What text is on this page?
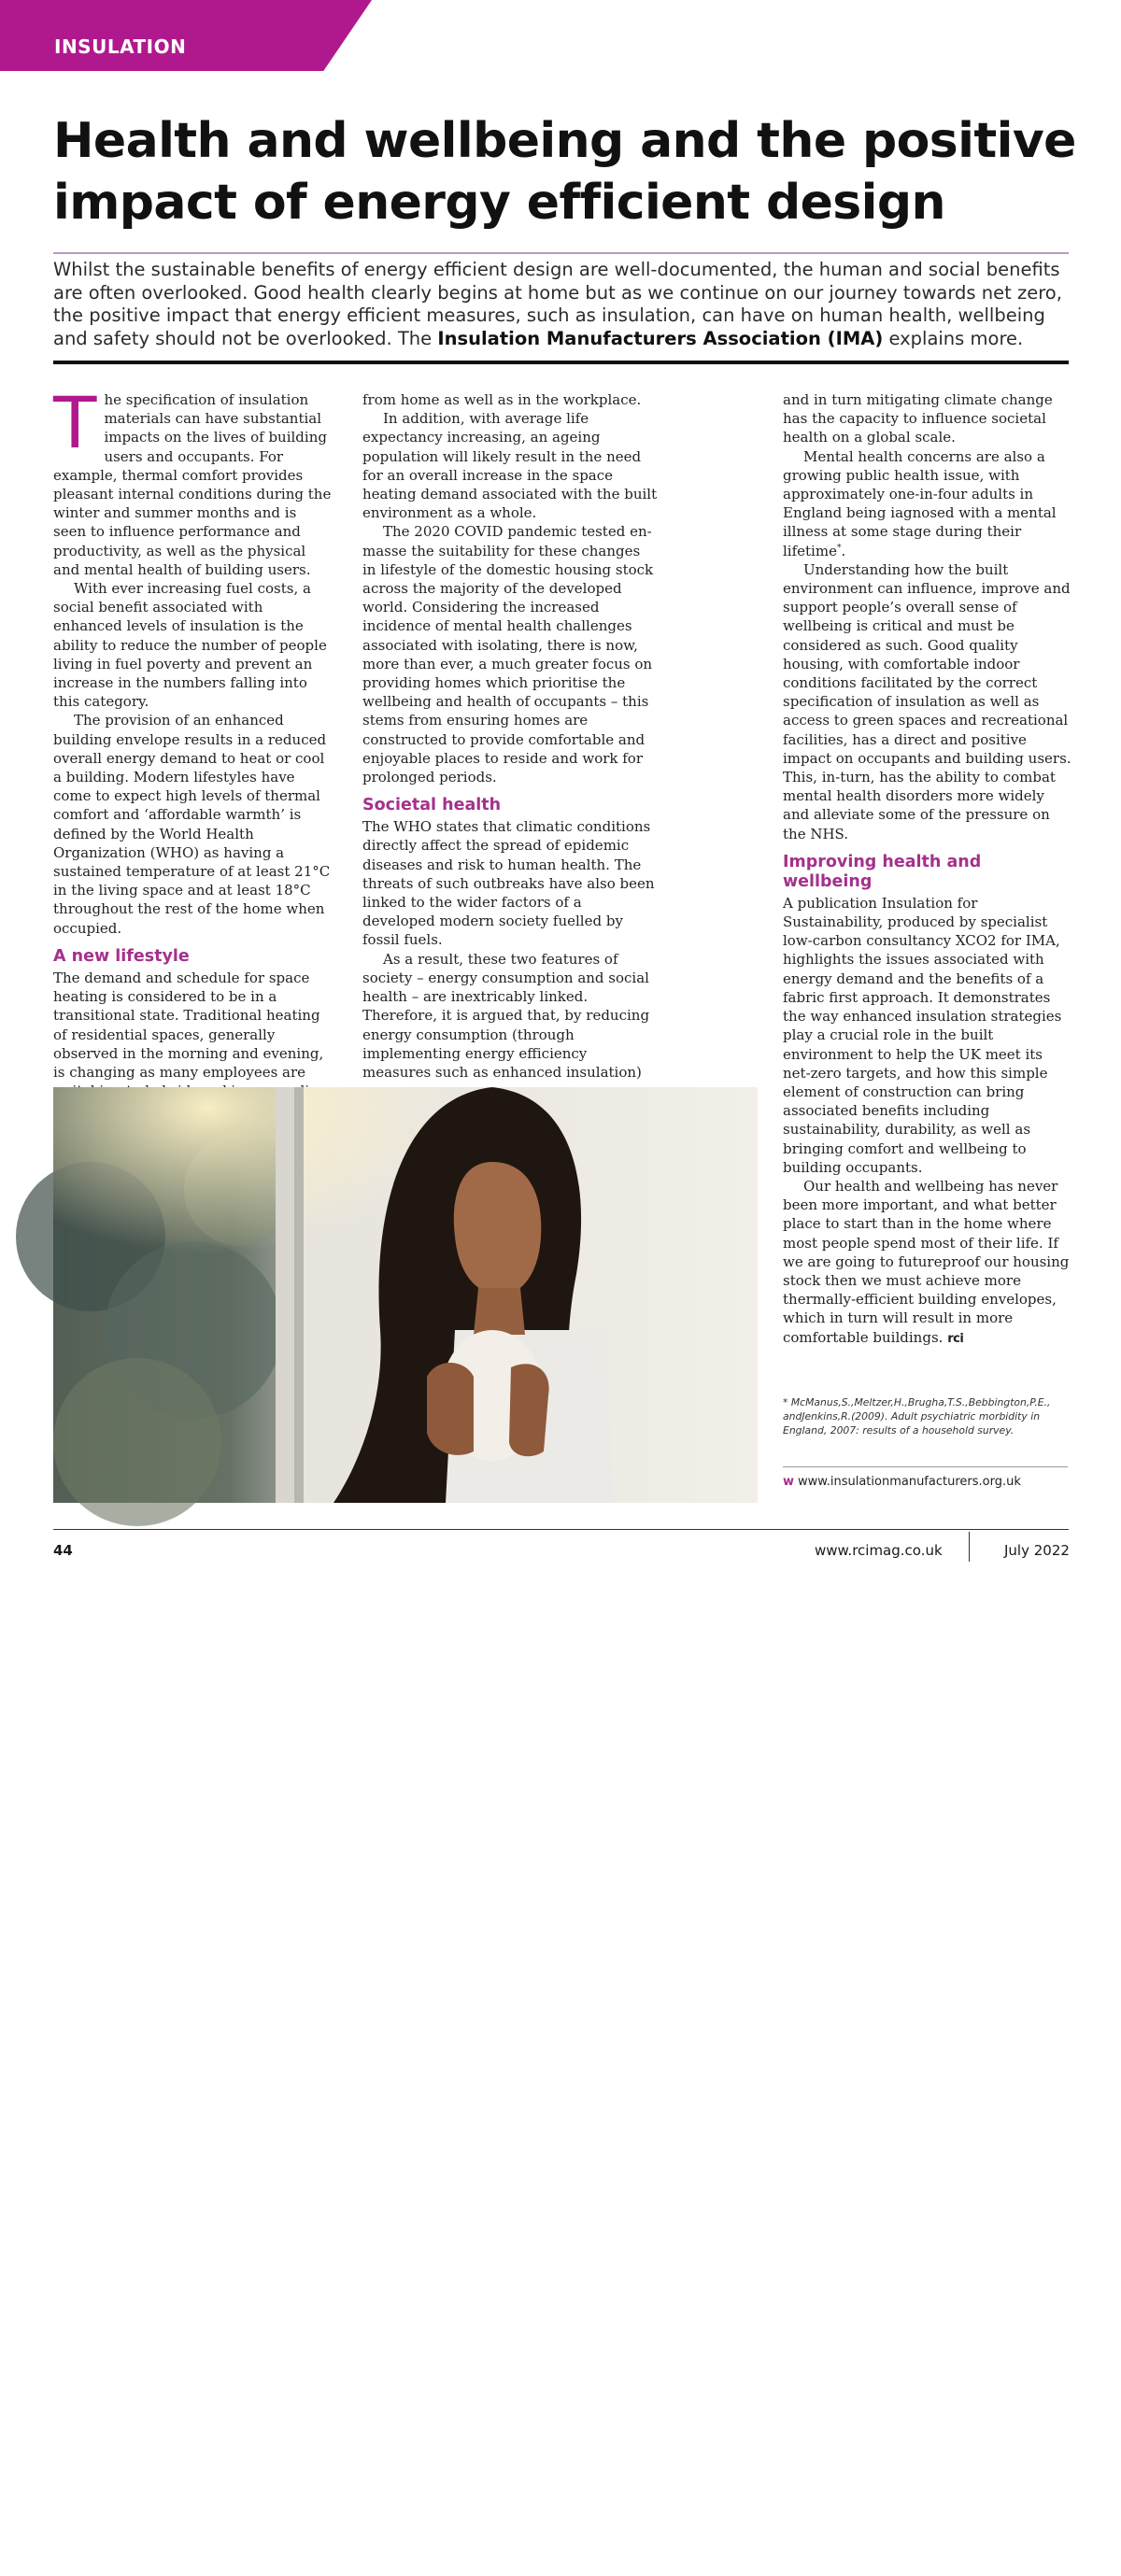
INSULATION
Health and wellbeing and the positive impact of energy efficient design

Whilst the sustainable benefits of energy efficient design are well-documented, the human and social benefits are often overlooked. Good health clearly begins at home but as we continue on our journey towards net zero, the positive impact that energy efficient measures, such as insulation, can have on human health, wellbeing and safety should not be overlooked. The Insulation Manufacturers Association (IMA) explains more.

The specification of insulation materials can have substantial impacts on the lives of building users and occupants. For example, thermal comfort provides pleasant internal conditions during the winter and summer months and is seen to influence performance and productivity, as well as the physical and mental health of building users.

With ever increasing fuel costs, a social benefit associated with enhanced levels of insulation is the ability to reduce the number of people living in fuel poverty and prevent an increase in the numbers falling into this category.

The provision of an enhanced building envelope results in a reduced overall energy demand to heat or cool a building. Modern lifestyles have come to expect high levels of thermal comfort and ‘affordable warmth’ is defined by the World Health Organization (WHO) as having a sustained temperature of at least 21°C in the living space and at least 18°C throughout the rest of the home when occupied.

A new lifestyle

The demand and schedule for space heating is considered to be in a transitional state. Traditional heating of residential spaces, generally observed in the morning and evening, is changing as many employees are

from home as well as in the workplace.

In addition, with average life expectancy increasing, an ageing population will likely result in the need for an overall increase in the space heating demand associated with the built environment as a whole.

The 2020 COVID pandemic tested en-masse the suitability for these changes in lifestyle of the domestic housing stock across the majority of the developed world. Considering the increased incidence of mental health challenges associated with isolating, there is now, more than ever, a much greater focus on providing homes which prioritise the wellbeing and health of occupants – this stems from ensuring homes are constructed to provide comfortable and enjoyable places to reside and work for prolonged periods.

Societal health

The WHO states that climatic conditions directly affect the spread of epidemic diseases and risk to human health. The threats of such outbreaks have also been linked to the wider factors of a developed modern society fuelled by fossil fuels.

As a result, these two features of society – energy consumption and social health – are inextricably linked. Therefore, it is argued that, by reducing energy consumption (through implementing energy efficiency measures such as enhanced insulation)

and in turn mitigating climate change has the capacity to influence societal health on a global scale.

Mental health concerns are also a growing public health issue, with approximately one-in-four adults in England being iagnosed with a mental illness at some stage during their lifetime*.

Understanding how the built environment can influence, improve and support people’s overall sense of wellbeing is critical and must be considered as such. Good quality housing, with comfortable indoor conditions facilitated by the correct specification of insulation as well as access to green spaces and recreational facilities, has a direct and positive impact on occupants and building users. This, in-turn, has the ability to combat mental health disorders more widely and alleviate some of the pressure on the NHS.

Improving health and wellbeing

A publication Insulation for Sustainability, produced by specialist low-carbon consultancy XCO2 for IMA, highlights the issues associated with energy demand and the benefits of a fabric first approach. It demonstrates the way enhanced insulation strategies play a crucial role in the built environment to help the UK meet its net-zero targets, and how this simple element of construction can bring associated benefits including sustainability, durability, as well as bringing comfort and wellbeing to building occupants.

Our health and wellbeing has never been more important, and what better place to start than in the home where most people spend most of their life. If we are going to futureproof our housing stock then we must achieve more thermally-efficient building envelopes, which in turn will result in more comfortable buildings. rci

©AdobeStock/ Anatoliy Karlyuk
* McManus,S.,Meltzer,H.,Brugha,T.S.,Bebbington,P.E., andJenkins,R.(2009). Adult psychiatric morbidity in England, 2007: results of a household survey.
w www.insulationmanufacturers.org.uk
44	www.rcimag.co.uk	July 2022
